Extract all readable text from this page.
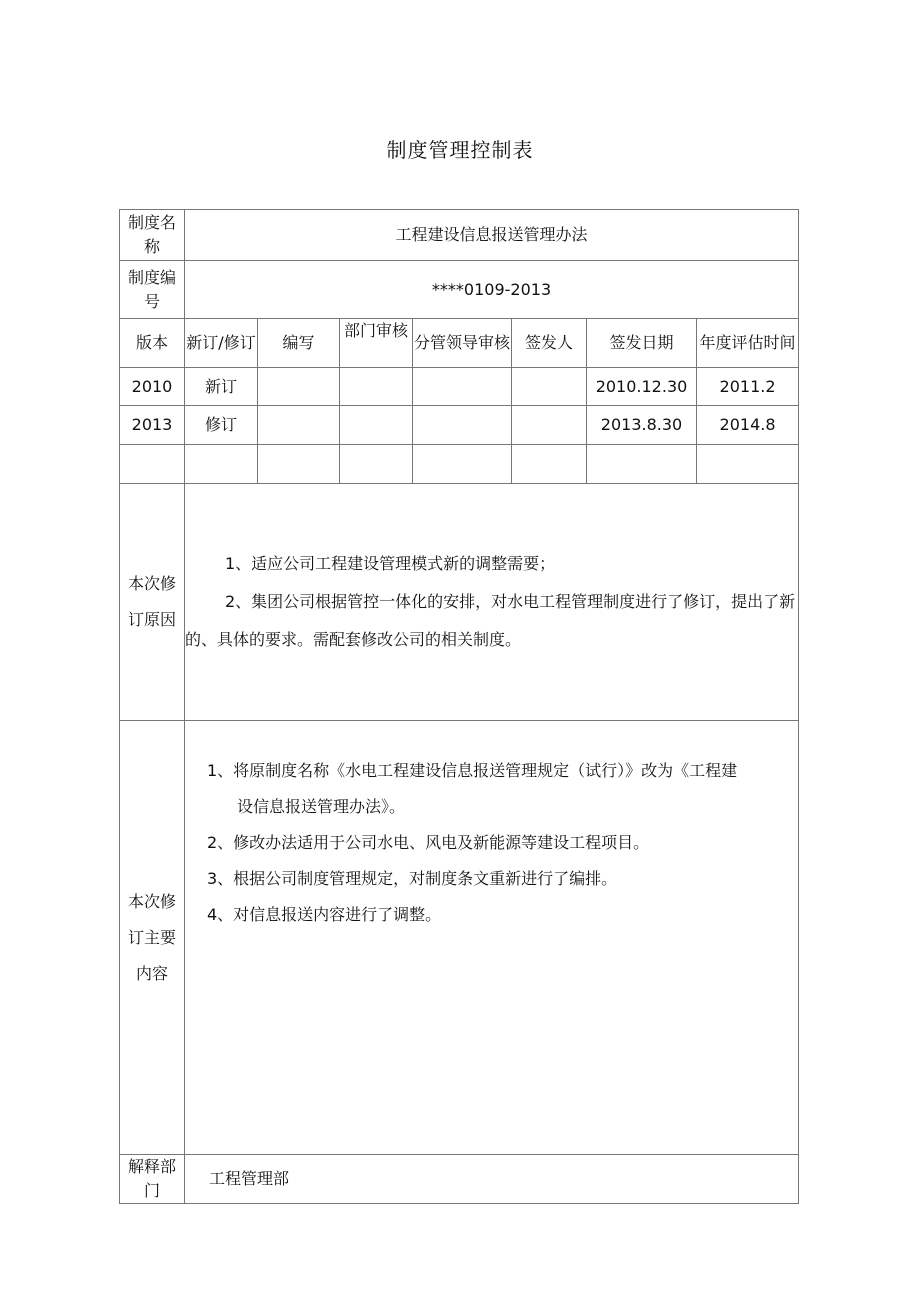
制度管理控制表
制度名称	工程建设信息报送管理办法						
制度编号	****0109-2013						
版本	新订/修订	编写	部门审核	分管领导审核	签发人	签发日期	年度评估时间
2010	新订					2010.12.30	2011.2
2013	修订					2013.8.30	2014.8

本次修订原因	1、适应公司工程建设管理模式新的调整需要；

2、集团公司根据管控一体化的安排，对水电工程管理制度进行了修订，提出了新的、具体的要求。需配套修改公司的相关制度。						

本次修订主要内容	1、将原制度名称《水电工程建设信息报送管理规定（试行）》改为《工程建

设信息报送管理办法》。

2、修改办法适用于公司水电、风电及新能源等建设工程项目。

3、根据公司制度管理规定，对制度条文重新进行了编排。

4、对信息报送内容进行了调整。						

解释部门	工程管理部						
